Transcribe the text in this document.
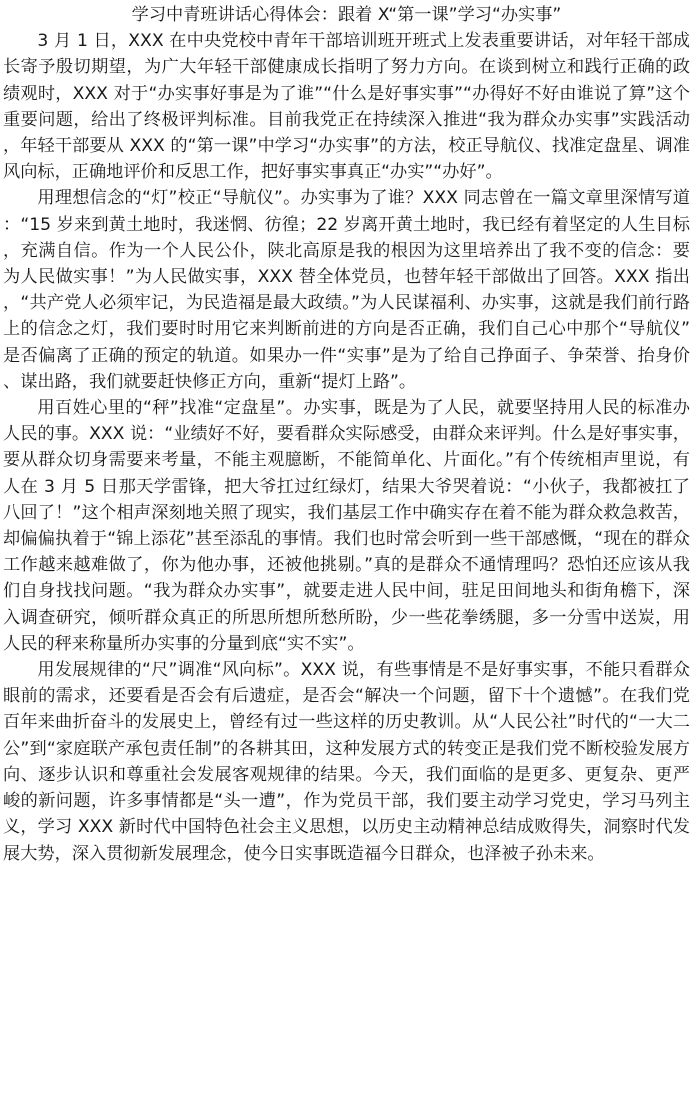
学习中青班讲话心得体会：跟着 X“第一课”学习“办实事”

3 月 1 日，XXX 在中央党校中青年干部培训班开班式上发表重要讲话，对年轻干部成长寄予殷切期望，为广大年轻干部健康成长指明了努力方向。在谈到树立和践行正确的政绩观时，XXX 对于“办实事好事是为了谁”“什么是好事实事”“办得好不好由谁说了算”这个重要问题，给出了终极评判标准。目前我党正在持续深入推进“我为群众办实事”实践活动，年轻干部要从 XXX 的“第一课”中学习“办实事”的方法，校正导航仪、找准定盘星、调准风向标，正确地评价和反思工作，把好事实事真正“办实”“办好”。

用理想信念的“灯”校正“导航仪”。办实事为了谁？XXX 同志曾在一篇文章里深情写道：“15 岁来到黄土地时，我迷惘、彷徨；22 岁离开黄土地时，我已经有着坚定的人生目标，充满自信。作为一个人民公仆，陕北高原是我的根因为这里培养出了我不变的信念：要为人民做实事！”为人民做实事，XXX 替全体党员，也替年轻干部做出了回答。XXX 指出，“共产党人必须牢记，为民造福是最大政绩。”为人民谋福利、办实事，这就是我们前行路上的信念之灯，我们要时时用它来判断前进的方向是否正确，我们自己心中那个“导航仪”是否偏离了正确的预定的轨道。如果办一件“实事”是为了给自己挣面子、争荣誉、抬身价、谋出路，我们就要赶快修正方向，重新“提灯上路”。

用百姓心里的“秤”找准“定盘星”。办实事，既是为了人民，就要坚持用人民的标准办人民的事。XXX 说：“业绩好不好，要看群众实际感受，由群众来评判。什么是好事实事，要从群众切身需要来考量，不能主观臆断，不能简单化、片面化。”有个传统相声里说，有人在 3 月 5 日那天学雷锋，把大爷扛过红绿灯，结果大爷哭着说：“小伙子，我都被扛了八回了！”这个相声深刻地关照了现实，我们基层工作中确实存在着不能为群众救急救苦，却偏偏执着于“锦上添花”甚至添乱的事情。我们也时常会听到一些干部感慨，“现在的群众工作越来越难做了，你为他办事，还被他挑剔。”真的是群众不通情理吗？恐怕还应该从我们自身找找问题。“我为群众办实事”，就要走进人民中间，驻足田间地头和街角檐下，深入调查研究，倾听群众真正的所思所想所愁所盼，少一些花拳绣腿，多一分雪中送炭，用人民的秤来称量所办实事的分量到底“实不实”。

用发展规律的“尺”调准“风向标”。XXX 说，有些事情是不是好事实事，不能只看群众眼前的需求，还要看是否会有后遗症，是否会“解决一个问题，留下十个遗憾”。在我们党百年来曲折奋斗的发展史上，曾经有过一些这样的历史教训。从“人民公社”时代的“一大二公”到“家庭联产承包责任制”的各耕其田，这种发展方式的转变正是我们党不断校验发展方向、逐步认识和尊重社会发展客观规律的结果。今天，我们面临的是更多、更复杂、更严峻的新问题，许多事情都是“头一遭”，作为党员干部，我们要主动学习党史，学习马列主义，学习 XXX 新时代中国特色社会主义思想，以历史主动精神总结成败得失，洞察时代发展大势，深入贯彻新发展理念，使今日实事既造福今日群众，也泽被子孙未来。
